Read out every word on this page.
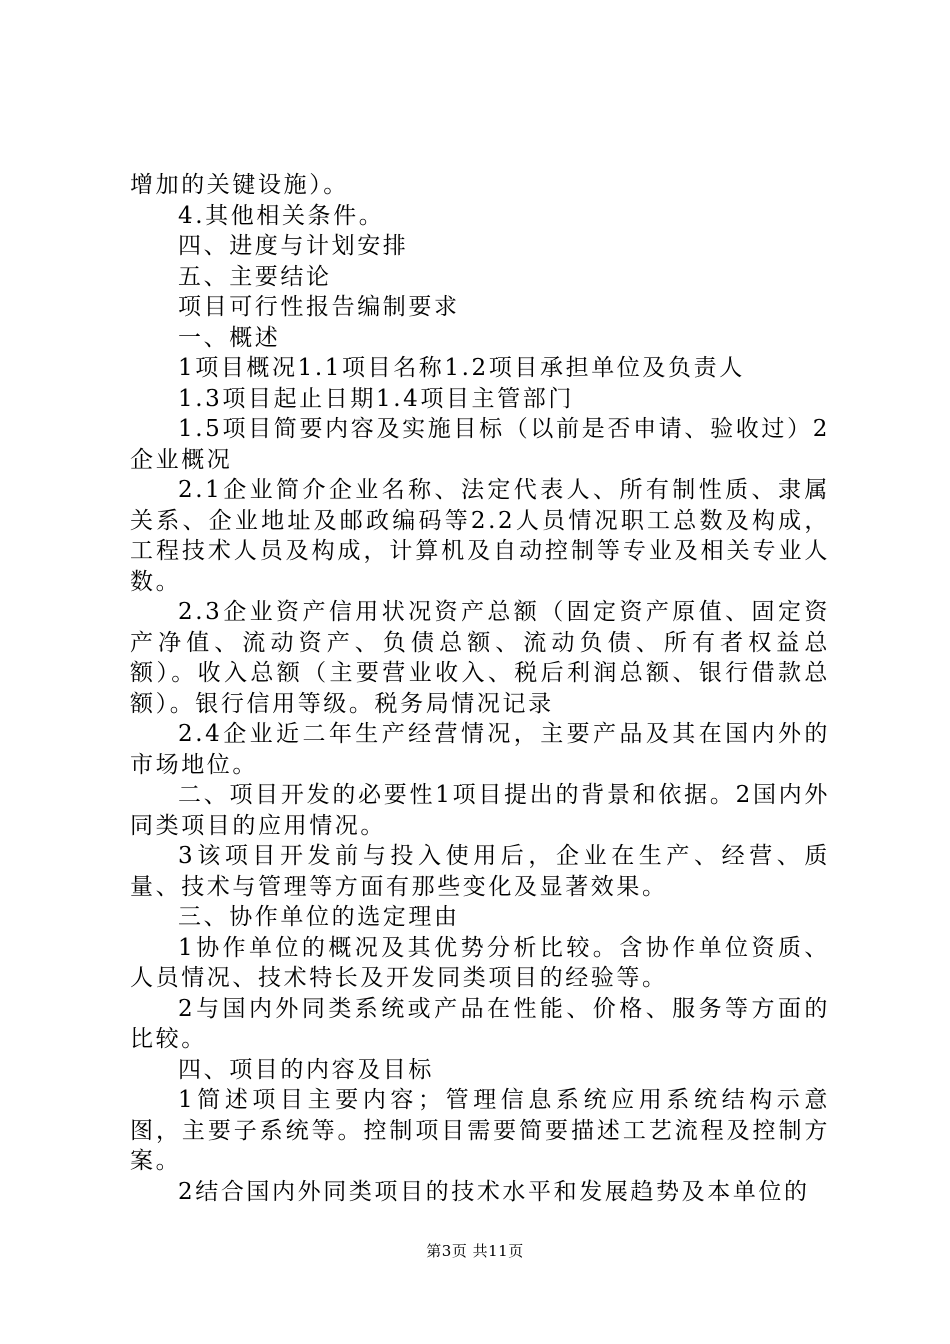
增加的关键设施）。

4.其他相关条件。

四、进度与计划安排

五、主要结论

项目可行性报告编制要求

一、概述

1项目概况1.1项目名称1.2项目承担单位及负责人

1.3项目起止日期1.4项目主管部门

1.5项目简要内容及实施目标（以前是否申请、验收过）2企业概况

2.1企业简介企业名称、法定代表人、所有制性质、隶属关系、企业地址及邮政编码等2.2人员情况职工总数及构成，工程技术人员及构成，计算机及自动控制等专业及相关专业人数。

2.3企业资产信用状况资产总额（固定资产原值、固定资产净值、流动资产、负债总额、流动负债、所有者权益总额）。收入总额（主要营业收入、税后利润总额、银行借款总额）。银行信用等级。税务局情况记录

2.4企业近二年生产经营情况，主要产品及其在国内外的市场地位。

二、项目开发的必要性1项目提出的背景和依据。2国内外同类项目的应用情况。

3该项目开发前与投入使用后，企业在生产、经营、质量、技术与管理等方面有那些变化及显著效果。

三、协作单位的选定理由

1协作单位的概况及其优势分析比较。含协作单位资质、人员情况、技术特长及开发同类项目的经验等。

2与国内外同类系统或产品在性能、价格、服务等方面的比较。

四、项目的内容及目标

1简述项目主要内容；管理信息系统应用系统结构示意图，主要子系统等。控制项目需要简要描述工艺流程及控制方案。

2结合国内外同类项目的技术水平和发展趋势及本单位的

第3页 共11页
